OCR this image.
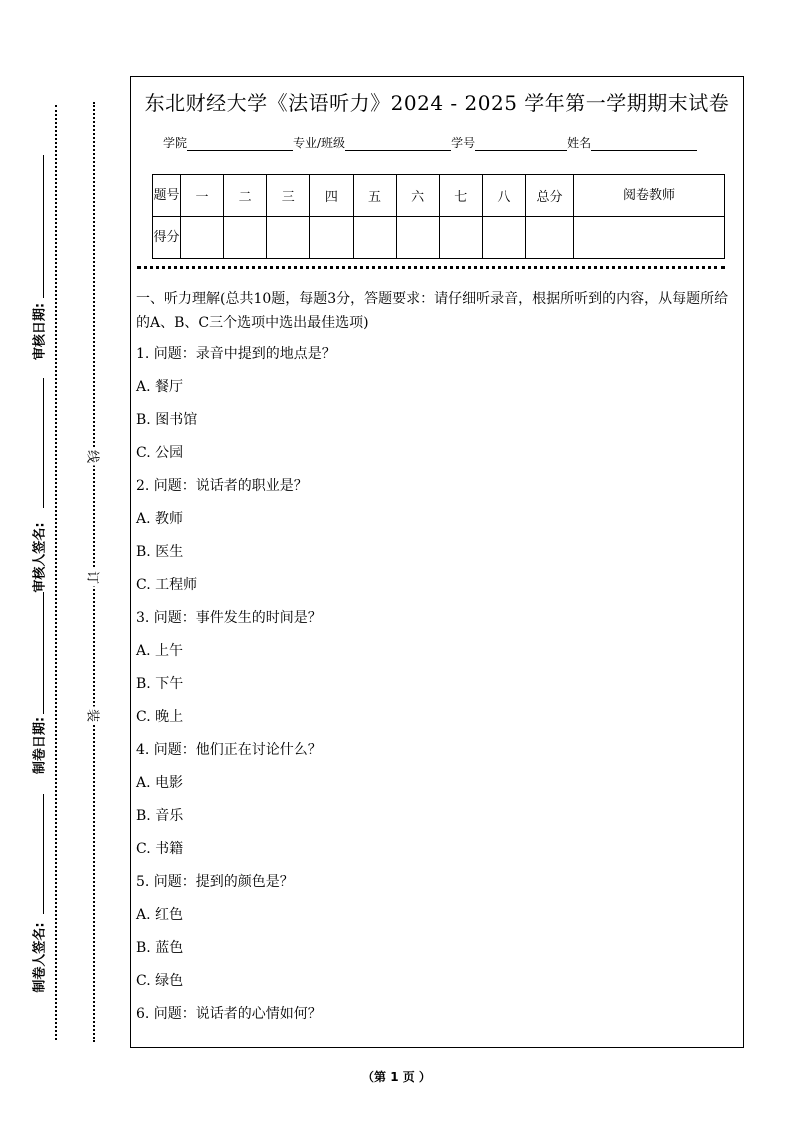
审核日期:
审核人签名:
制卷日期:
制卷人签名:
线
订
装
东北财经大学《法语听力》2024 - 2025 学年第一学期期末试卷
学院	专业/班级	学号	姓名
题号	一	二	三	四	五	六	七	八	总分	阅卷教师
得分										
一、听力理解(总共10题，每题3分，答题要求：请仔细听录音，根据所听到的内容，从每题所给的A、B、C三个选项中选出最佳选项)
1. 问题：录音中提到的地点是？
A. 餐厅
B. 图书馆
C. 公园
2. 问题：说话者的职业是？
A. 教师
B. 医生
C. 工程师
3. 问题：事件发生的时间是？
A. 上午
B. 下午
C. 晚上
4. 问题：他们正在讨论什么？
A. 电影
B. 音乐
C. 书籍
5. 问题：提到的颜色是？
A. 红色
B. 蓝色
C. 绿色
6. 问题：说话者的心情如何？
（第 1 页 ）
